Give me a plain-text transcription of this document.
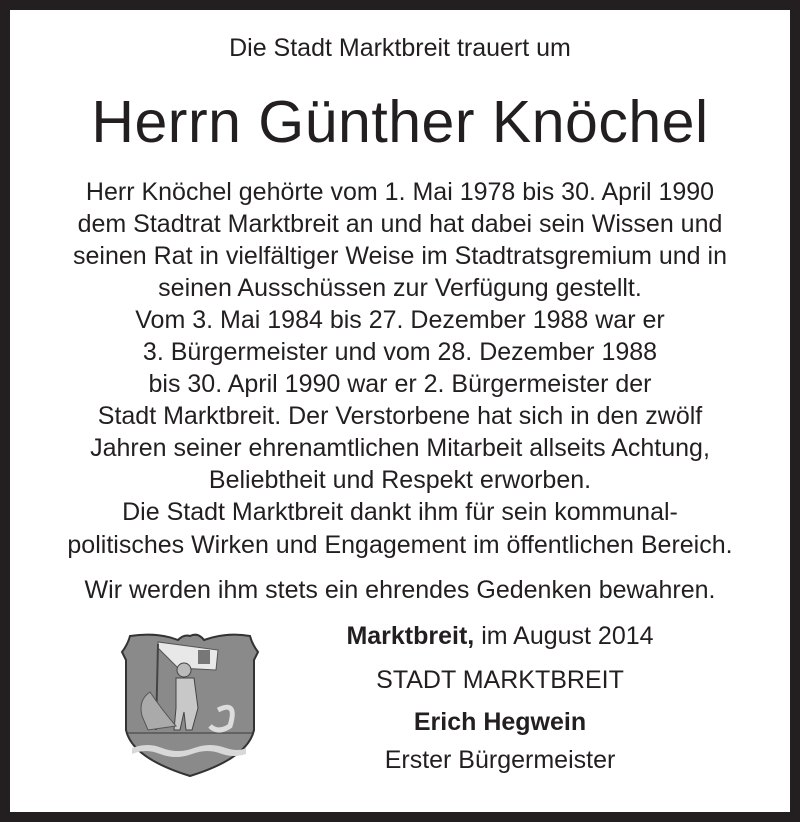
Die Stadt Marktbreit trauert um
Herrn Günther Knöchel
Herr Knöchel gehörte vom 1. Mai 1978 bis 30. April 1990
dem Stadtrat Marktbreit an und hat dabei sein Wissen und
seinen Rat in vielfältiger Weise im Stadtratsgremium und in
seinen Ausschüssen zur Verfügung gestellt.
Vom 3. Mai 1984 bis 27. Dezember 1988 war er
3. Bürgermeister und vom 28. Dezember 1988
bis 30. April 1990 war er 2. Bürgermeister der
Stadt Marktbreit. Der Verstorbene hat sich in den zwölf
Jahren seiner ehrenamtlichen Mitarbeit allseits Achtung,
Beliebtheit und Respekt erworben.
Die Stadt Marktbreit dankt ihm für sein kommunal-
politisches Wirken und Engagement im öffentlichen Bereich.
Wir werden ihm stets ein ehrendes Gedenken bewahren.
Marktbreit, im August 2014
STADT MARKTBREIT
Erich Hegwein
Erster Bürgermeister
